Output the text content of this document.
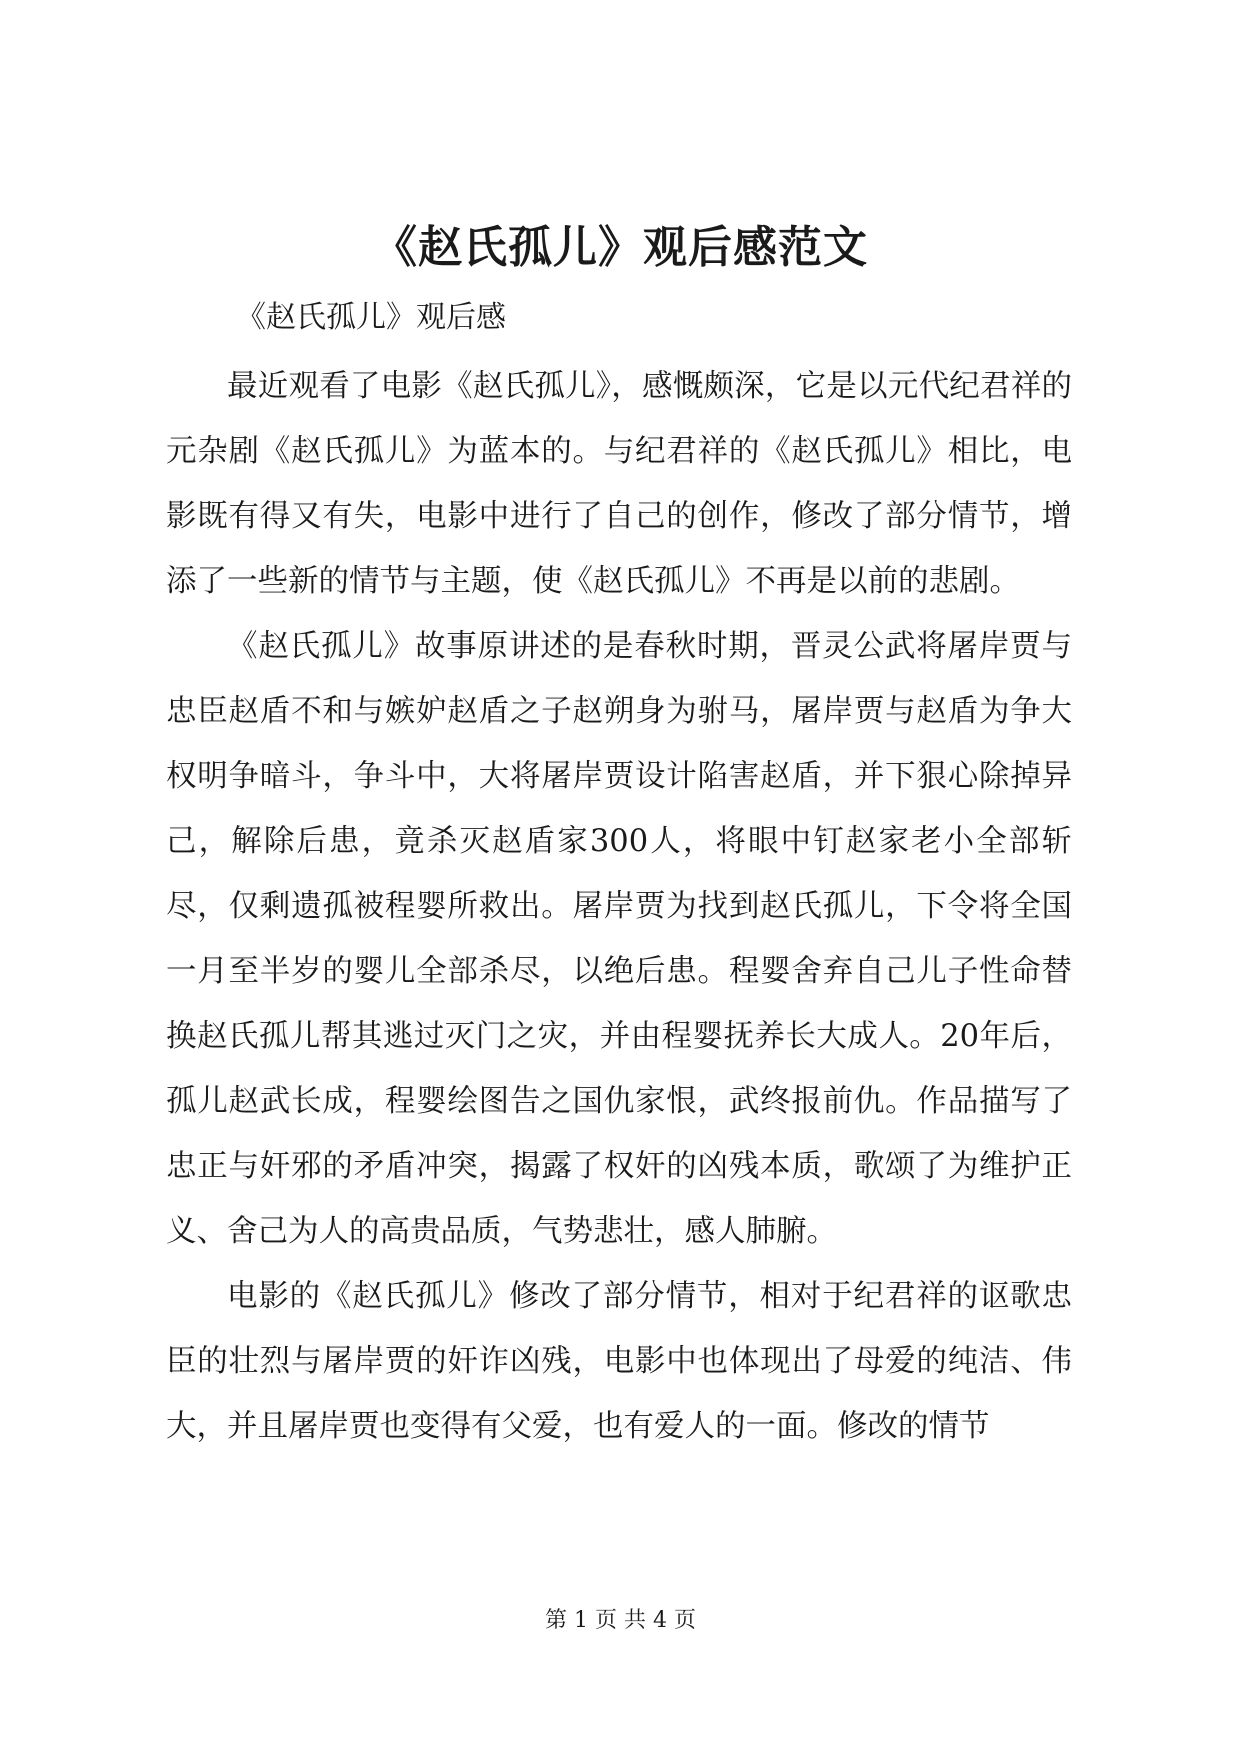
《赵氏孤儿》观后感范文

《赵氏孤儿》观后感

最近观看了电影《赵氏孤儿》，感慨颇深，它是以元代纪君祥的元杂剧《赵氏孤儿》为蓝本的。与纪君祥的《赵氏孤儿》相比，电影既有得又有失，电影中进行了自己的创作，修改了部分情节，增添了一些新的情节与主题，使《赵氏孤儿》不再是以前的悲剧。

《赵氏孤儿》故事原讲述的是春秋时期，晋灵公武将屠岸贾与忠臣赵盾不和与嫉妒赵盾之子赵朔身为驸马，屠岸贾与赵盾为争大权明争暗斗，争斗中，大将屠岸贾设计陷害赵盾，并下狠心除掉异己，解除后患，竟杀灭赵盾家300人，将眼中钉赵家老小全部斩尽，仅剩遗孤被程婴所救出。屠岸贾为找到赵氏孤儿，下令将全国一月至半岁的婴儿全部杀尽，以绝后患。程婴舍弃自己儿子性命替换赵氏孤儿帮其逃过灭门之灾，并由程婴抚养长大成人。20年后，孤儿赵武长成，程婴绘图告之国仇家恨，武终报前仇。作品描写了忠正与奸邪的矛盾冲突，揭露了权奸的凶残本质，歌颂了为维护正义、舍己为人的高贵品质，气势悲壮，感人肺腑。

电影的《赵氏孤儿》修改了部分情节，相对于纪君祥的讴歌忠臣的壮烈与屠岸贾的奸诈凶残，电影中也体现出了母爱的纯洁、伟大，并且屠岸贾也变得有父爱，也有爱人的一面。修改的情节

第 1 页 共 4 页
